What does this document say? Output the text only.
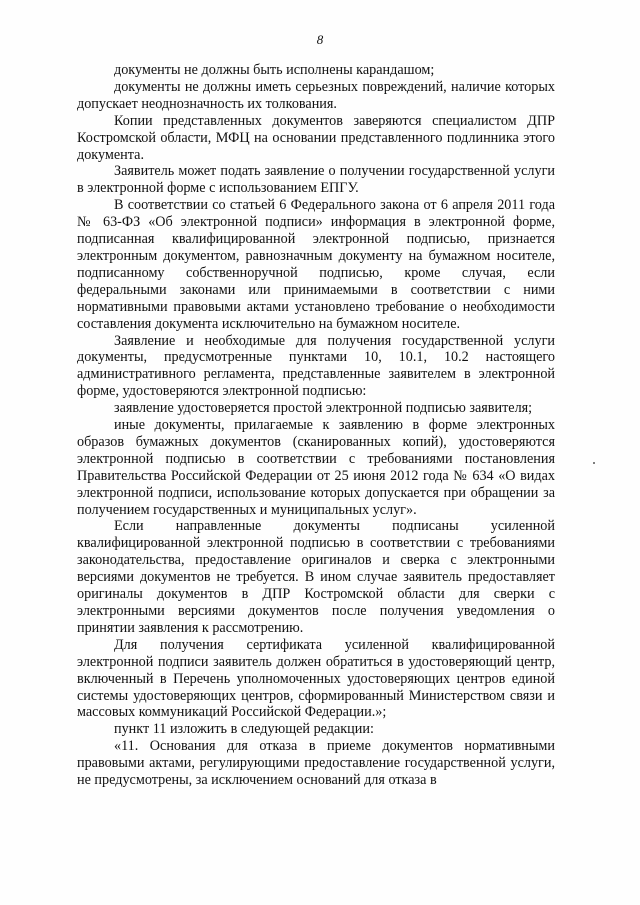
8

документы не должны быть исполнены карандашом;

документы не должны иметь серьезных повреждений, наличие которых допускает неоднозначность их толкования.

Копии представленных документов заверяются специалистом ДПР Костромской области, МФЦ на основании представленного подлинника этого документа.

Заявитель может подать заявление о получении государственной услуги в электронной форме с использованием ЕПГУ.

В соответствии со статьей 6 Федерального закона от 6 апреля 2011 года № 63-ФЗ «Об электронной подписи» информация в электронной форме, подписанная квалифицированной электронной подписью, признается электронным документом, равнозначным документу на бумажном носителе, подписанному собственноручной подписью, кроме случая, если федеральными законами или принимаемыми в соответствии с ними нормативными правовыми актами установлено требование о необходимости составления документа исключительно на бумажном носителе.

Заявление и необходимые для получения государственной услуги документы, предусмотренные пунктами 10, 10.1, 10.2 настоящего административного регламента, представленные заявителем в электронной форме, удостоверяются электронной подписью:

заявление удостоверяется простой электронной подписью заявителя;

иные документы, прилагаемые к заявлению в форме электронных образов бумажных документов (сканированных копий), удостоверяются электронной подписью в соответствии с требованиями постановления Правительства Российской Федерации от 25 июня 2012 года № 634 «О видах электронной подписи, использование которых допускается при обращении за получением государственных и муниципальных услуг».

Если направленные документы подписаны усиленной квалифицированной электронной подписью в соответствии с требованиями законодательства, предоставление оригиналов и сверка с электронными версиями документов не требуется. В ином случае заявитель предоставляет оригиналы документов в ДПР Костромской области для сверки с электронными версиями документов после получения уведомления о принятии заявления к рассмотрению.

Для получения сертификата усиленной квалифицированной электронной подписи заявитель должен обратиться в удостоверяющий центр, включенный в Перечень уполномоченных удостоверяющих центров единой системы удостоверяющих центров, сформированный Министерством связи и массовых коммуникаций Российской Федерации.»;

пункт 11 изложить в следующей редакции:

«11. Основания для отказа в приеме документов нормативными правовыми актами, регулирующими предоставление государственной услуги, не предусмотрены, за исключением оснований для отказа в
